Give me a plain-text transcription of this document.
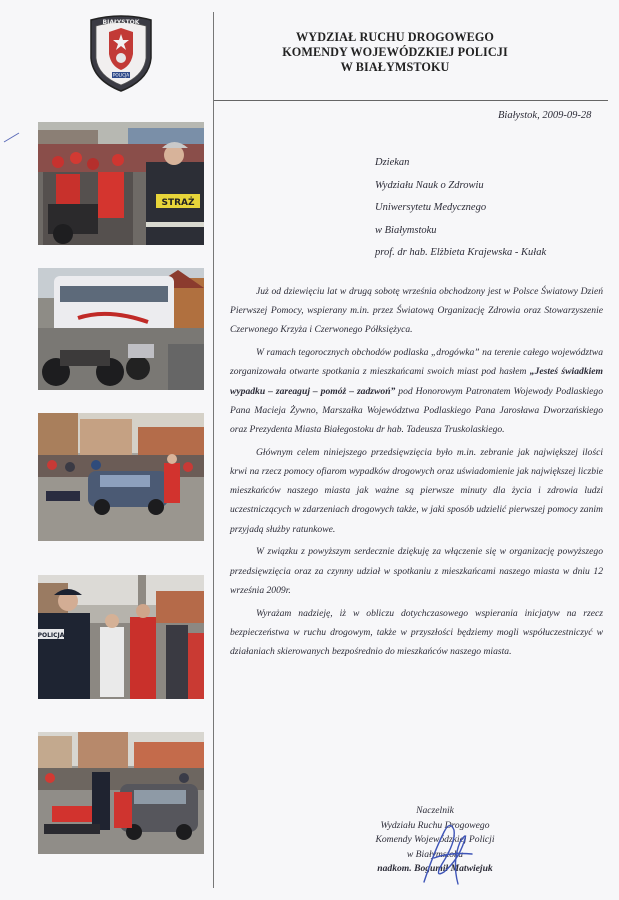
BIAŁYSTOK
POLICJA
WYDZIAŁ RUCHU DROGOWEGO
KOMENDY WOJEWÓDZKIEJ POLICJI
W BIAŁYMSTOKU
STRAŻ
POLICJA
Białystok, 2009-09-28
Dziekan
Wydziału Nauk o Zdrowiu
Uniwersytetu Medycznego
w Białymstoku
prof. dr hab. Elżbieta Krajewska - Kułak

Już od dziewięciu lat w drugą sobotę września obchodzony jest w Polsce Światowy Dzień Pierwszej Pomocy, wspierany m.in. przez Światową Organizację Zdrowia oraz Stowarzyszenie Czerwonego Krzyża i Czerwonego Półksiężyca.

W ramach tegorocznych obchodów podlaska „drogówka” na terenie całego województwa zorganizowała otwarte spotkania z mieszkańcami swoich miast pod hasłem „Jesteś świadkiem wypadku – zareaguj – pomóż – zadzwoń” pod Honorowym Patronatem Wojewody Podlaskiego Pana Macieja Żywno, Marszałka Województwa Podlaskiego Pana Jarosława Dworzańskiego oraz Prezydenta Miasta Białegostoku dr hab. Tadeusza Truskolaskiego.

Głównym celem niniejszego przedsięwzięcia było m.in. zebranie jak największej ilości krwi na rzecz pomocy ofiarom wypadków drogowych oraz uświadomienie jak największej liczbie mieszkańców naszego miasta jak ważne są pierwsze minuty dla życia i zdrowia ludzi uczestniczących w zdarzeniach drogowych także, w jaki sposób udzielić pierwszej pomocy zanim przyjadą służby ratunkowe.

W związku z powyższym serdecznie dziękuję za włączenie się w organizację powyższego przedsięwzięcia oraz za czynny udział w spotkaniu z mieszkańcami naszego miasta w dniu 12 września 2009r.

Wyrażam nadzieję, iż w obliczu dotychczasowego wspierania inicjatyw na rzecz bezpieczeństwa w ruchu drogowym, także w przyszłości będziemy mogli współuczestniczyć w działaniach skierowanych bezpośrednio do mieszkańców naszego miasta.

Naczelnik
Wydziału Ruchu Drogowego
Komendy Wojewódzkiej Policji
w Białymstoku
nadkom. Bogumił Matwiejuk
